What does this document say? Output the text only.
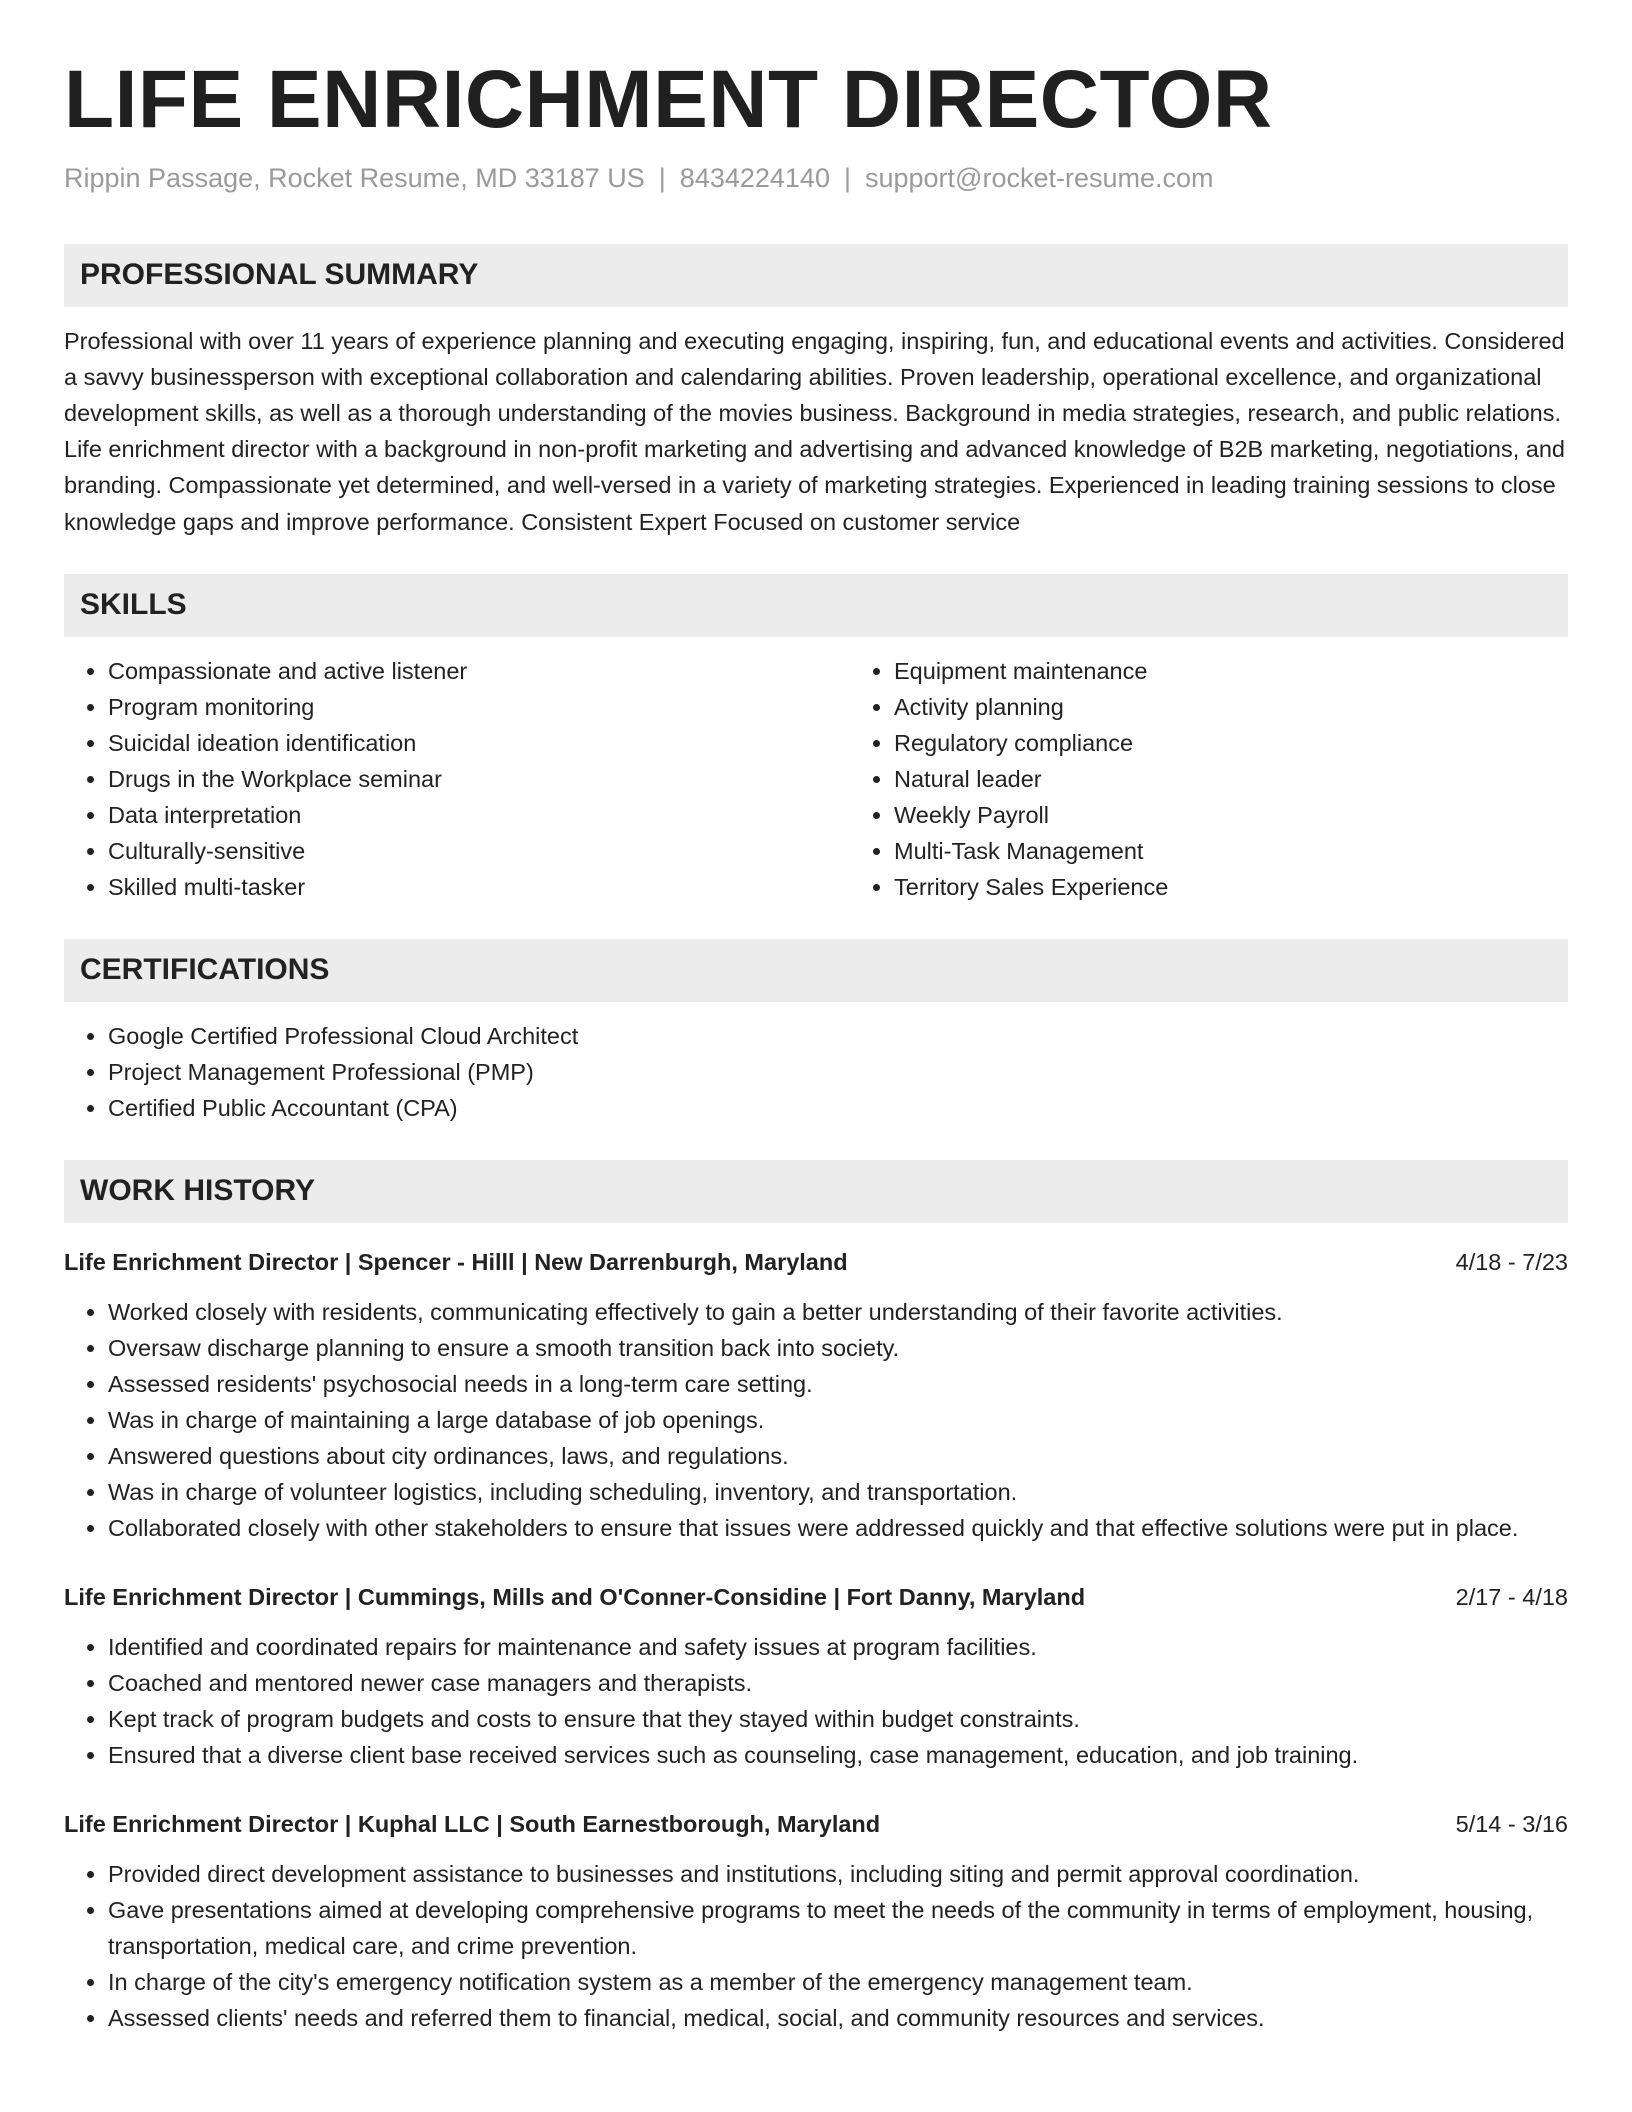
LIFE ENRICHMENT DIRECTOR
Rippin Passage, Rocket Resume, MD 33187 US | 8434224140 | support@rocket-resume.com
PROFESSIONAL SUMMARY

Professional with over 11 years of experience planning and executing engaging, inspiring, fun, and educational events and activities. Considered a savvy businessperson with exceptional collaboration and calendaring abilities. Proven leadership, operational excellence, and organizational development skills, as well as a thorough understanding of the movies business. Background in media strategies, research, and public relations. Life enrichment director with a background in non-profit marketing and advertising and advanced knowledge of B2B marketing, negotiations, and branding. Compassionate yet determined, and well-versed in a variety of marketing strategies. Experienced in leading training sessions to close knowledge gaps and improve performance. Consistent Expert Focused on customer service

SKILLS
• Compassionate and active listener
• Program monitoring
• Suicidal ideation identification
• Drugs in the Workplace seminar
• Data interpretation
• Culturally-sensitive
• Skilled multi-tasker
• Equipment maintenance
• Activity planning
• Regulatory compliance
• Natural leader
• Weekly Payroll
• Multi-Task Management
• Territory Sales Experience
CERTIFICATIONS
• Google Certified Professional Cloud Architect
• Project Management Professional (PMP)
• Certified Public Accountant (CPA)
WORK HISTORY
Life Enrichment Director | Spencer - Hilll | New Darrenburgh, Maryland	4/18 - 7/23
• Worked closely with residents, communicating effectively to gain a better understanding of their favorite activities.
• Oversaw discharge planning to ensure a smooth transition back into society.
• Assessed residents' psychosocial needs in a long-term care setting.
• Was in charge of maintaining a large database of job openings.
• Answered questions about city ordinances, laws, and regulations.
• Was in charge of volunteer logistics, including scheduling, inventory, and transportation.
• Collaborated closely with other stakeholders to ensure that issues were addressed quickly and that effective solutions were put in place.
Life Enrichment Director | Cummings, Mills and O'Conner-Considine | Fort Danny, Maryland	2/17 - 4/18
• Identified and coordinated repairs for maintenance and safety issues at program facilities.
• Coached and mentored newer case managers and therapists.
• Kept track of program budgets and costs to ensure that they stayed within budget constraints.
• Ensured that a diverse client base received services such as counseling, case management, education, and job training.
Life Enrichment Director | Kuphal LLC | South Earnestborough, Maryland	5/14 - 3/16
• Provided direct development assistance to businesses and institutions, including siting and permit approval coordination.
• Gave presentations aimed at developing comprehensive programs to meet the needs of the community in terms of employment, housing, transportation, medical care, and crime prevention.
• In charge of the city's emergency notification system as a member of the emergency management team.
• Assessed clients' needs and referred them to financial, medical, social, and community resources and services.
